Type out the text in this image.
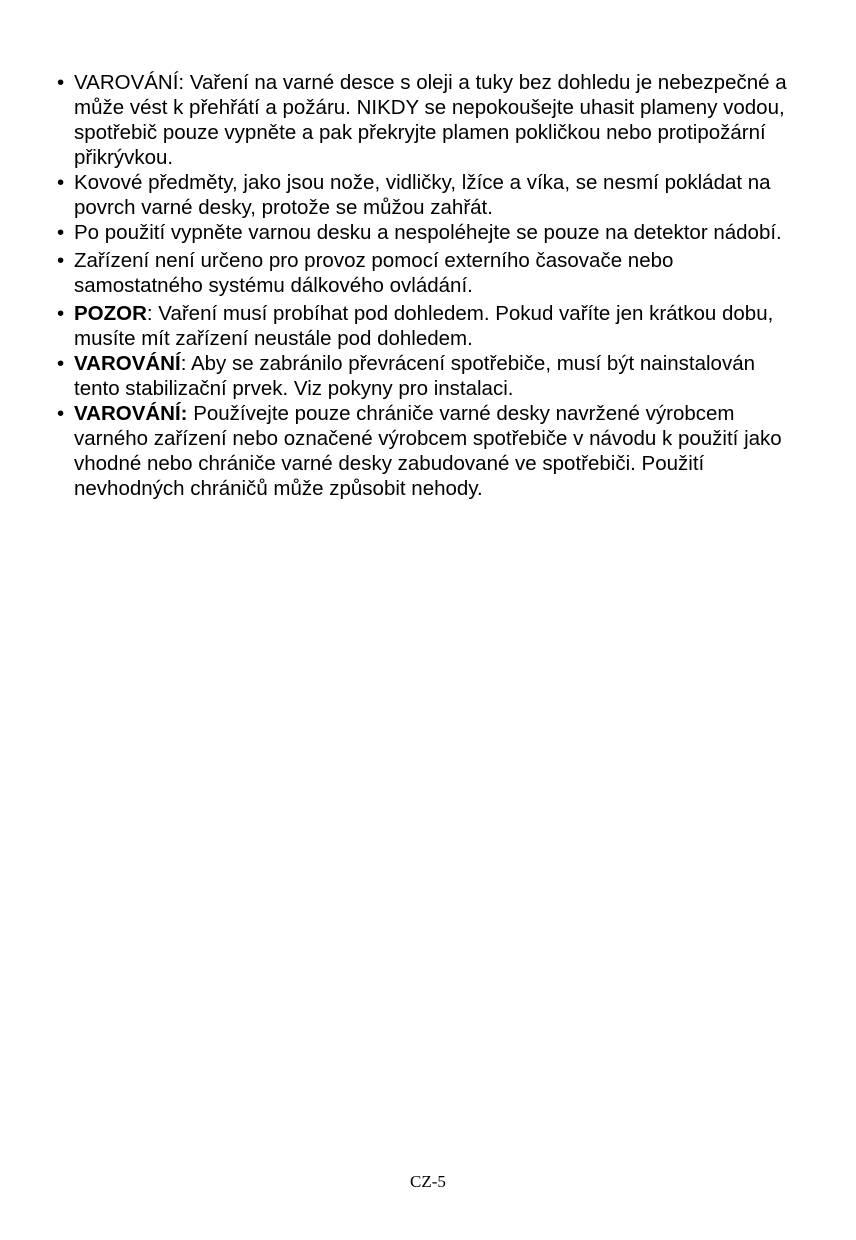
• VAROVÁNÍ: Vaření na varné desce s oleji a tuky bez dohledu je nebezpečné a může vést k přehřátí a požáru. NIKDY se nepokoušejte uhasit plameny vodou, spotřebič pouze vypněte a pak překryjte plamen pokličkou nebo protipožární přikrývkou.
• Kovové předměty, jako jsou nože, vidličky, lžíce a víka, se nesmí pokládat na povrch varné desky, protože se můžou zahřát.
• Po použití vypněte varnou desku a nespoléhejte se pouze na detektor nádobí.
• Zařízení není určeno pro provoz pomocí externího časovače nebo samostatného systému dálkového ovládání.
• POZOR: Vaření musí probíhat pod dohledem. Pokud vaříte jen krátkou dobu, musíte mít zařízení neustále pod dohledem.
• VAROVÁNÍ: Aby se zabránilo převrácení spotřebiče, musí být nainstalován tento stabilizační prvek. Viz pokyny pro instalaci.
• VAROVÁNÍ: Používejte pouze chrániče varné desky navržené výrobcem varného zařízení nebo označené výrobcem spotřebiče v návodu k použití jako vhodné nebo chrániče varné desky zabudované ve spotřebiči. Použití nevhodných chráničů může způsobit nehody.
CZ-5
